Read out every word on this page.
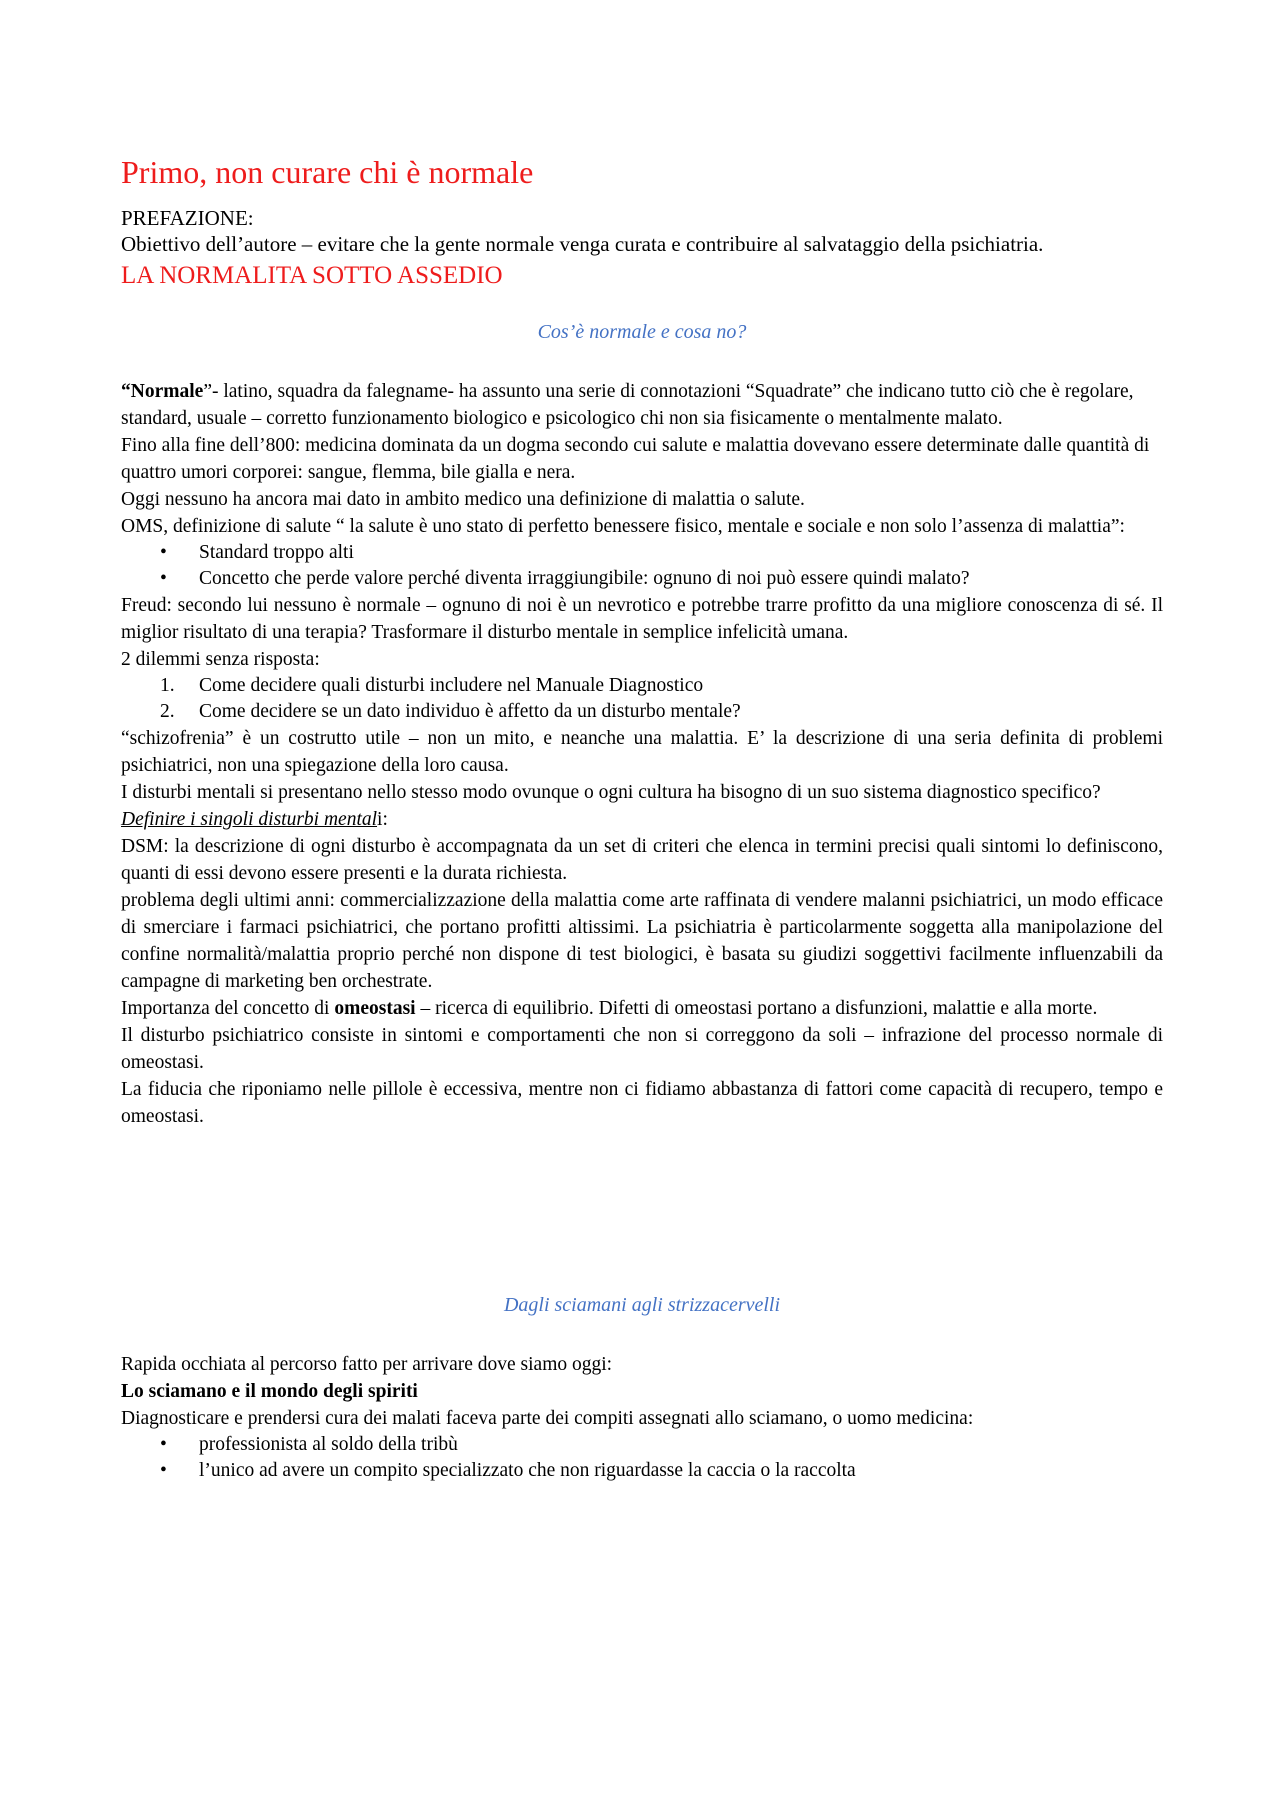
Primo, non curare chi è normale
PREFAZIONE:
Obiettivo dell’autore – evitare che la gente normale venga curata e contribuire al salvataggio della psichiatria.
LA NORMALITA SOTTO ASSEDIO
Cos’è normale e cosa no?

“Normale”- latino, squadra da falegname- ha assunto una serie di connotazioni “Squadrate” che indicano tutto ciò che è regolare, standard, usuale – corretto funzionamento biologico e psicologico chi non sia fisicamente o mentalmente malato.

Fino alla fine dell’800: medicina dominata da un dogma secondo cui salute e malattia dovevano essere determinate dalle quantità di quattro umori corporei: sangue, flemma, bile gialla e nera.

Oggi nessuno ha ancora mai dato in ambito medico una definizione di malattia o salute.

OMS, definizione di salute “ la salute è uno stato di perfetto benessere fisico, mentale e sociale e non solo l’assenza di malattia”:

• Standard troppo alti
• Concetto che perde valore perché diventa irraggiungibile: ognuno di noi può essere quindi malato?

Freud: secondo lui nessuno è normale – ognuno di noi è un nevrotico e potrebbe trarre profitto da una migliore conoscenza di sé. Il miglior risultato di una terapia? Trasformare il disturbo mentale in semplice infelicità umana.

2 dilemmi senza risposta:

1. Come decidere quali disturbi includere nel Manuale Diagnostico
2. Come decidere se un dato individuo è affetto da un disturbo mentale?

“schizofrenia” è un costrutto utile – non un mito, e neanche una malattia. E’ la descrizione di una seria definita di problemi psichiatrici, non una spiegazione della loro causa.

I disturbi mentali si presentano nello stesso modo ovunque o ogni cultura ha bisogno di un suo sistema diagnostico specifico?

Definire i singoli disturbi mentali:

DSM: la descrizione di ogni disturbo è accompagnata da un set di criteri che elenca in termini precisi quali sintomi lo definiscono, quanti di essi devono essere presenti e la durata richiesta.

problema degli ultimi anni: commercializzazione della malattia come arte raffinata di vendere malanni psichiatrici, un modo efficace di smerciare i farmaci psichiatrici, che portano profitti altissimi. La psichiatria è particolarmente soggetta alla manipolazione del confine normalità/malattia proprio perché non dispone di test biologici, è basata su giudizi soggettivi facilmente influenzabili da campagne di marketing ben orchestrate.

Importanza del concetto di omeostasi – ricerca di equilibrio. Difetti di omeostasi portano a disfunzioni, malattie e alla morte.

Il disturbo psichiatrico consiste in sintomi e comportamenti che non si correggono da soli – infrazione del processo normale di omeostasi.

La fiducia che riponiamo nelle pillole è eccessiva, mentre non ci fidiamo abbastanza di fattori come capacità di recupero, tempo e omeostasi.

Dagli sciamani agli strizzacervelli

Rapida occhiata al percorso fatto per arrivare dove siamo oggi:

Lo sciamano e il mondo degli spiriti

Diagnosticare e prendersi cura dei malati faceva parte dei compiti assegnati allo sciamano, o uomo medicina:

• professionista al soldo della tribù
• l’unico ad avere un compito specializzato che non riguardasse la caccia o la raccolta
